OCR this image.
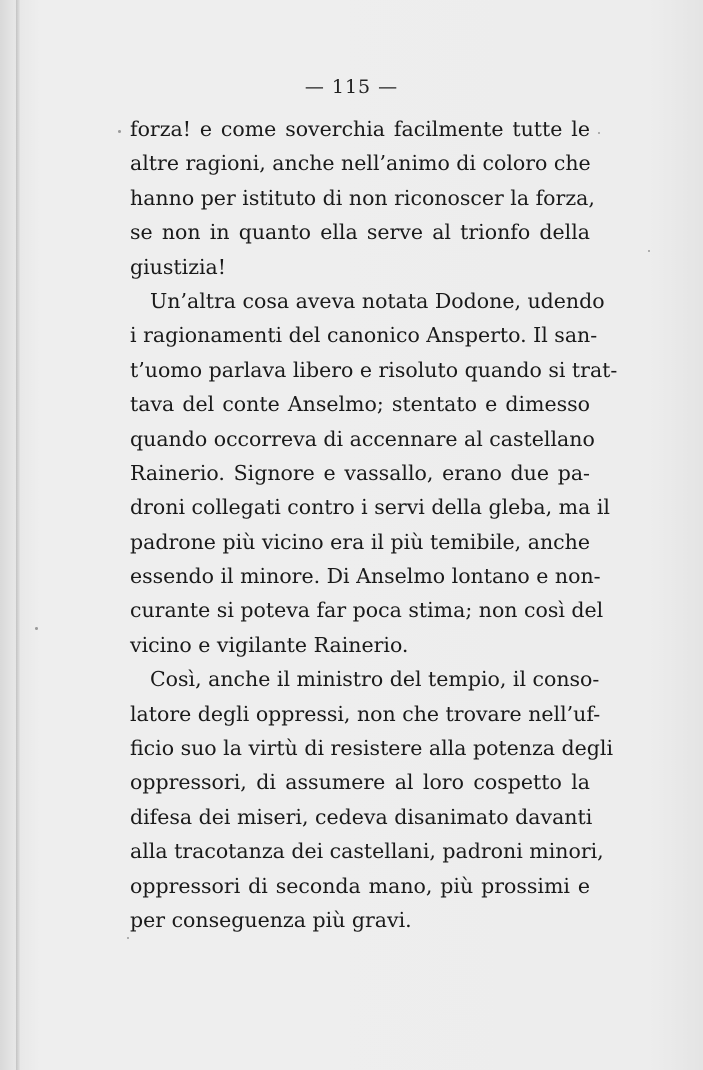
— 115 —
forza! e come soverchia facilmente tutte le
altre ragioni, anche nell’animo di coloro che
hanno per istituto di non riconoscer la forza,
se non in quanto ella serve al trionfo della
giustizia!
Un’altra cosa aveva notata Dodone, udendo
i ragionamenti del canonico Ansperto. Il san-
t’uomo parlava libero e risoluto quando si trat-
tava del conte Anselmo; stentato e dimesso
quando occorreva di accennare al castellano
Rainerio. Signore e vassallo, erano due pa-
droni collegati contro i servi della gleba, ma il
padrone più vicino era il più temibile, anche
essendo il minore. Di Anselmo lontano e non-
curante si poteva far poca stima; non così del
vicino e vigilante Rainerio.
Così, anche il ministro del tempio, il conso-
latore degli oppressi, non che trovare nell’uf-
ficio suo la virtù di resistere alla potenza degli
oppressori, di assumere al loro cospetto la
difesa dei miseri, cedeva disanimato davanti
alla tracotanza dei castellani, padroni minori,
oppressori di seconda mano, più prossimi e
per conseguenza più gravi.
